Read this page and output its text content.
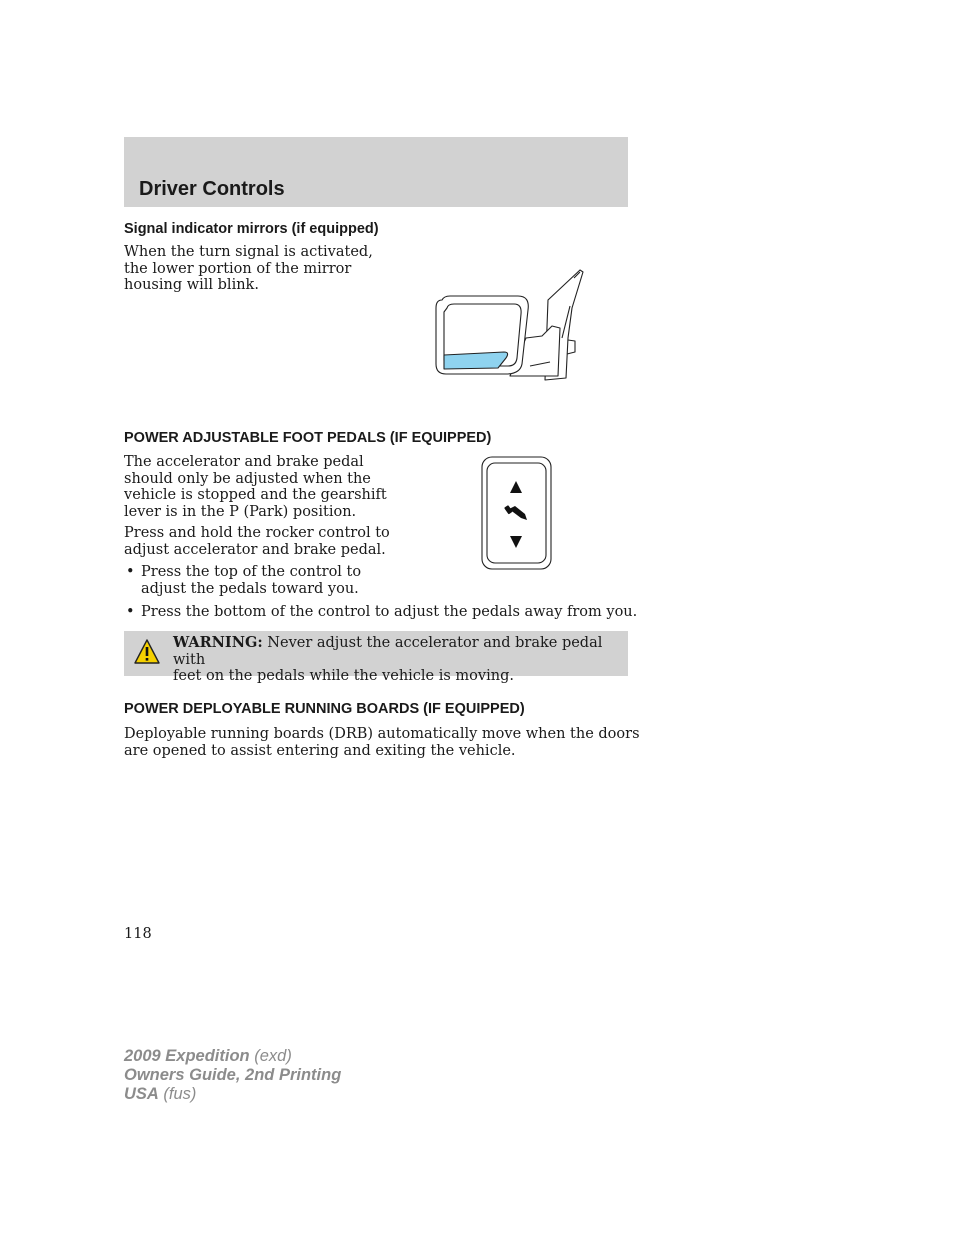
Driver Controls
Signal indicator mirrors (if equipped)

When the turn signal is activated,

the lower portion of the mirror

housing will blink.

POWER ADJUSTABLE FOOT PEDALS (IF EQUIPPED)

The accelerator and brake pedal

should only be adjusted when the

vehicle is stopped and the gearshift

lever is in the P (Park) position.

Press and hold the rocker control to

adjust accelerator and brake pedal.

• Press the top of the control to
adjust the pedals toward you.
• Press the bottom of the control to adjust the pedals away from you.
WARNING: Never adjust the accelerator and brake pedal with
feet on the pedals while the vehicle is moving.
POWER DEPLOYABLE RUNNING BOARDS (IF EQUIPPED)

Deployable running boards (DRB) automatically move when the doors

are opened to assist entering and exiting the vehicle.

118
2009 Expedition (exd)
Owners Guide, 2nd Printing
USA (fus)
